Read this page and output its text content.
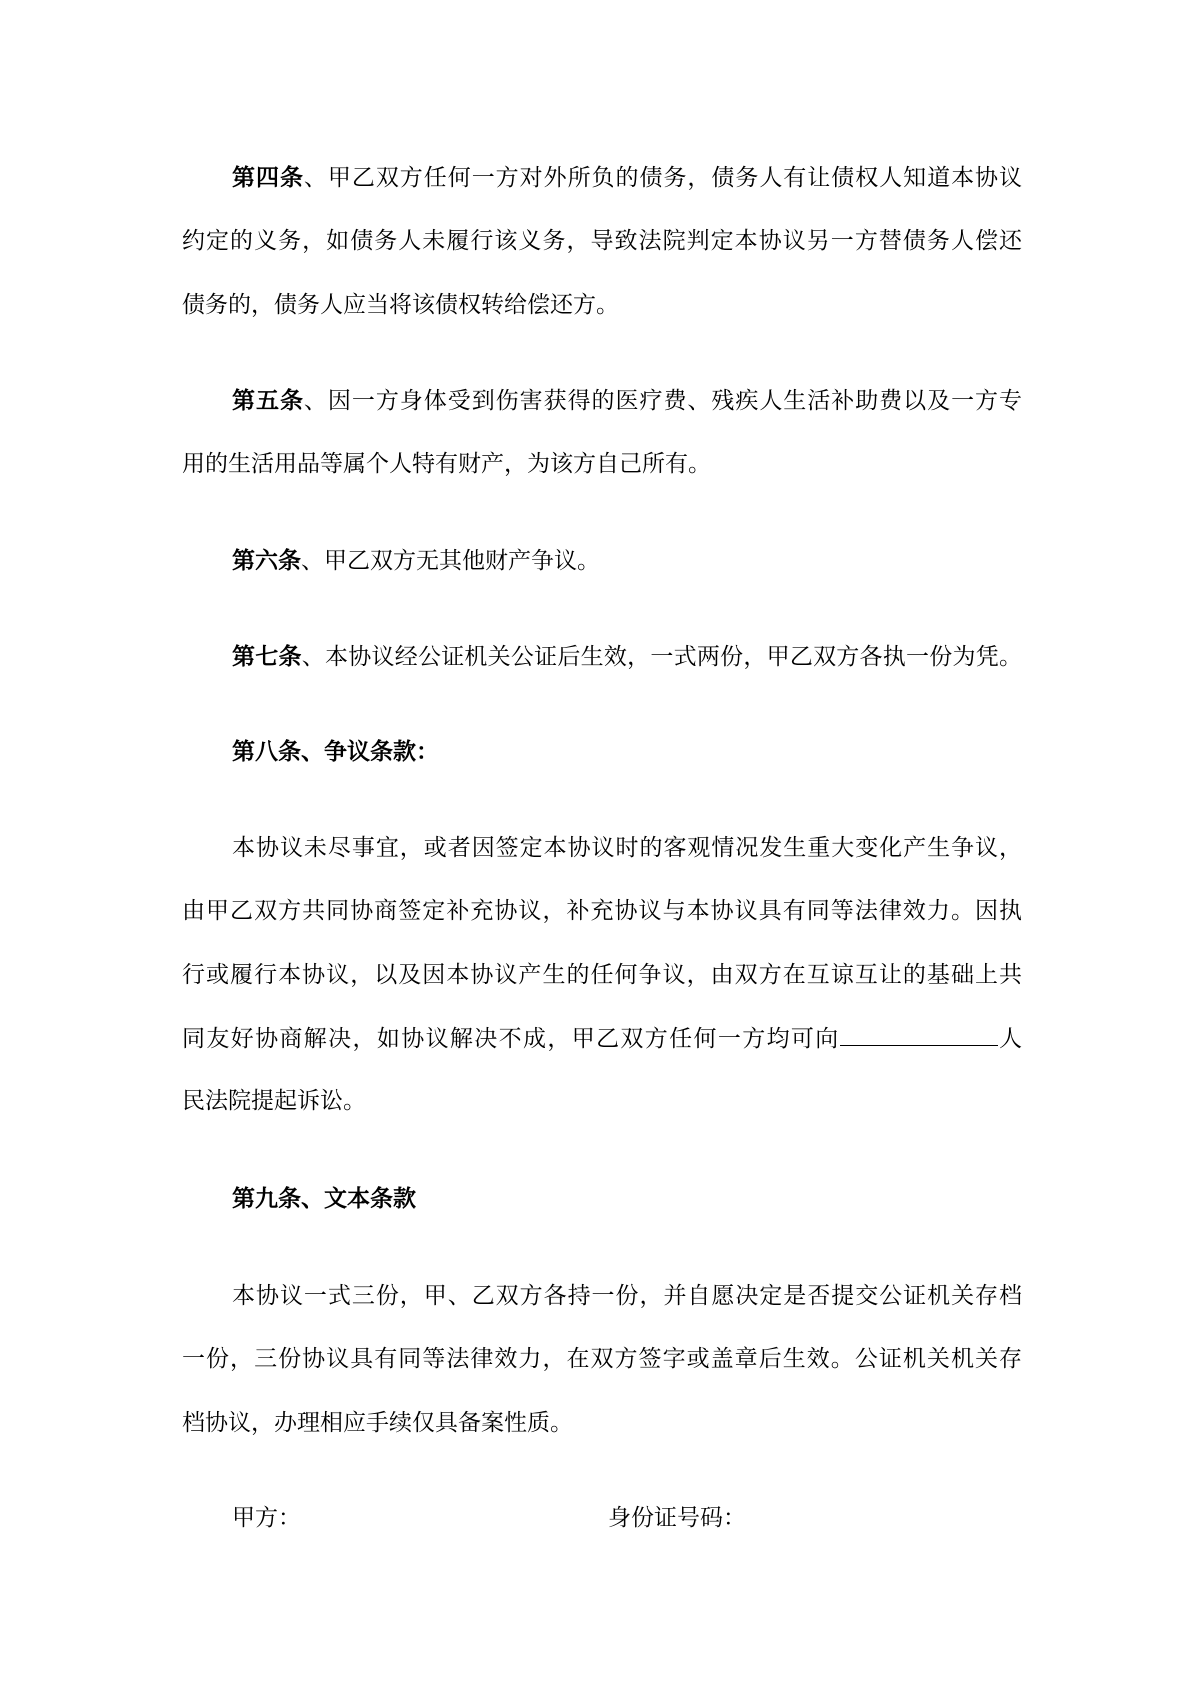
第四条、甲乙双方任何一方对外所负的债务，债务人有让债权人知道本协议
约定的义务，如债务人未履行该义务，导致法院判定本协议另一方替债务人偿还
债务的，债务人应当将该债权转给偿还方。
第五条、因一方身体受到伤害获得的医疗费、残疾人生活补助费以及一方专
用的生活用品等属个人特有财产，为该方自己所有。
第六条、甲乙双方无其他财产争议。
第七条、本协议经公证机关公证后生效，一式两份，甲乙双方各执一份为凭。
第八条、争议条款：
本协议未尽事宜，或者因签定本协议时的客观情况发生重大变化产生争议，
由甲乙双方共同协商签定补充协议，补充协议与本协议具有同等法律效力。因执
行或履行本协议，以及因本协议产生的任何争议，由双方在互谅互让的基础上共
同友好协商解决，如协议解决不成，甲乙双方任何一方均可向	人
民法院提起诉讼。
第九条、文本条款
本协议一式三份，甲、乙双方各持一份，并自愿决定是否提交公证机关存档
一份，三份协议具有同等法律效力，在双方签字或盖章后生效。公证机关机关存
档协议，办理相应手续仅具备案性质。
甲方：	身份证号码：
